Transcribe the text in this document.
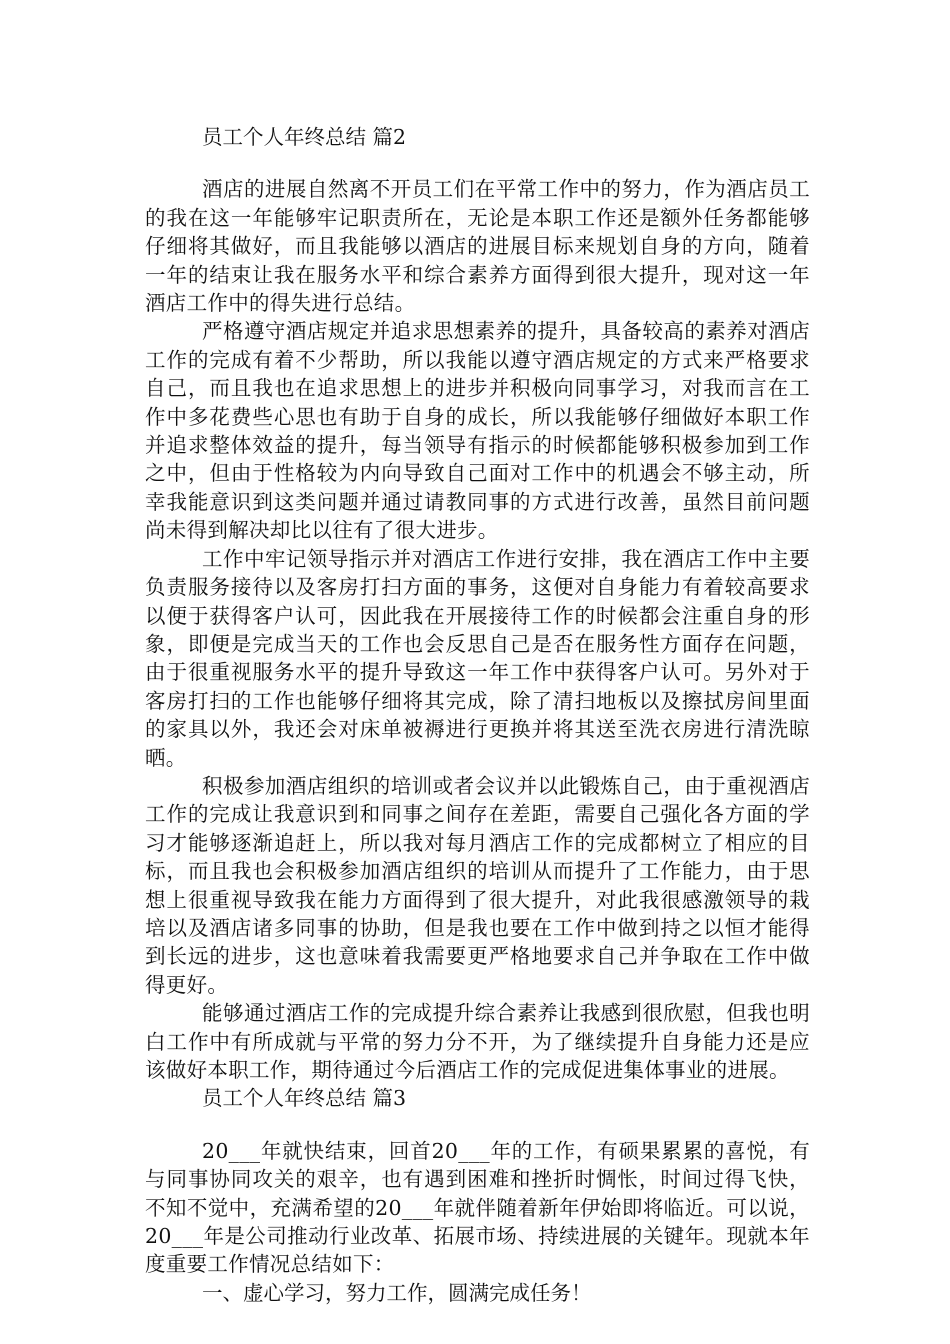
员工个人年终总结 篇2

酒店的进展自然离不开员工们在平常工作中的努力，作为酒店员工的我在这一年能够牢记职责所在，无论是本职工作还是额外任务都能够仔细将其做好，而且我能够以酒店的进展目标来规划自身的方向，随着一年的结束让我在服务水平和综合素养方面得到很大提升，现对这一年酒店工作中的得失进行总结。

严格遵守酒店规定并追求思想素养的提升，具备较高的素养对酒店工作的完成有着不少帮助，所以我能以遵守酒店规定的方式来严格要求自己，而且我也在追求思想上的进步并积极向同事学习，对我而言在工作中多花费些心思也有助于自身的成长，所以我能够仔细做好本职工作并追求整体效益的提升，每当领导有指示的时候都能够积极参加到工作之中，但由于性格较为内向导致自己面对工作中的机遇会不够主动，所幸我能意识到这类问题并通过请教同事的方式进行改善，虽然目前问题尚未得到解决却比以往有了很大进步。

工作中牢记领导指示并对酒店工作进行安排，我在酒店工作中主要负责服务接待以及客房打扫方面的事务，这便对自身能力有着较高要求以便于获得客户认可，因此我在开展接待工作的时候都会注重自身的形象，即便是完成当天的工作也会反思自己是否在服务性方面存在问题，由于很重视服务水平的提升导致这一年工作中获得客户认可。另外对于客房打扫的工作也能够仔细将其完成，除了清扫地板以及擦拭房间里面的家具以外，我还会对床单被褥进行更换并将其送至洗衣房进行清洗晾晒。

积极参加酒店组织的培训或者会议并以此锻炼自己，由于重视酒店工作的完成让我意识到和同事之间存在差距，需要自己强化各方面的学习才能够逐渐追赶上，所以我对每月酒店工作的完成都树立了相应的目标，而且我也会积极参加酒店组织的培训从而提升了工作能力，由于思想上很重视导致我在能力方面得到了很大提升，对此我很感激领导的栽培以及酒店诸多同事的协助，但是我也要在工作中做到持之以恒才能得到长远的进步，这也意味着我需要更严格地要求自己并争取在工作中做得更好。

能够通过酒店工作的完成提升综合素养让我感到很欣慰，但我也明白工作中有所成就与平常的努力分不开，为了继续提升自身能力还是应该做好本职工作，期待通过今后酒店工作的完成促进集体事业的进展。

员工个人年终总结 篇3

20___年就快结束，回首20___年的工作，有硕果累累的喜悦，有与同事协同攻关的艰辛，也有遇到困难和挫折时惆怅，时间过得飞快，不知不觉中，充满希望的20___年就伴随着新年伊始即将临近。可以说，20___年是公司推动行业改革、拓展市场、持续进展的关键年。现就本年度重要工作情况总结如下：

一、虚心学习，努力工作，圆满完成任务！
